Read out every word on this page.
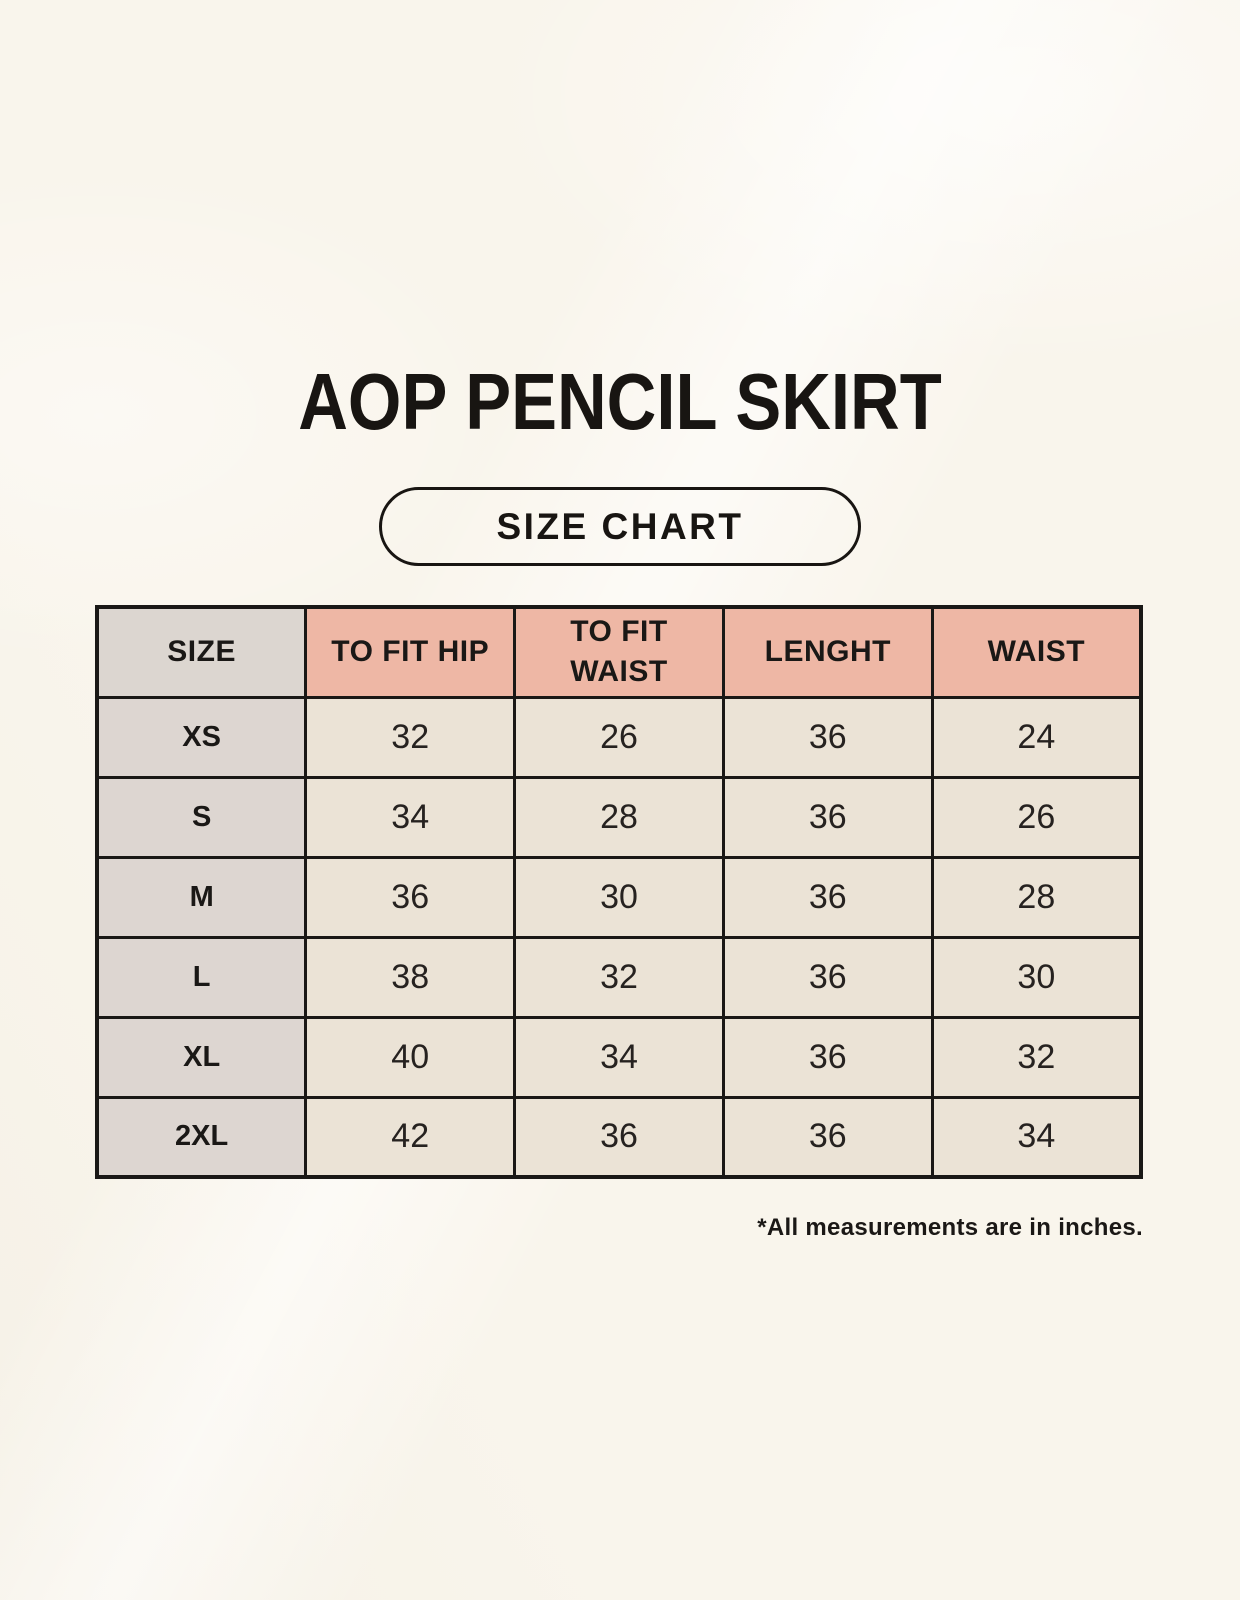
AOP PENCIL SKIRT
SIZE CHART
SIZE	TO FIT HIP	TO FIT WAIST	LENGHT	WAIST
XS	32	26	36	24
S	34	28	36	26
M	36	30	36	28
L	38	32	36	30
XL	40	34	36	32
2XL	42	36	36	34
*All measurements are in inches.
